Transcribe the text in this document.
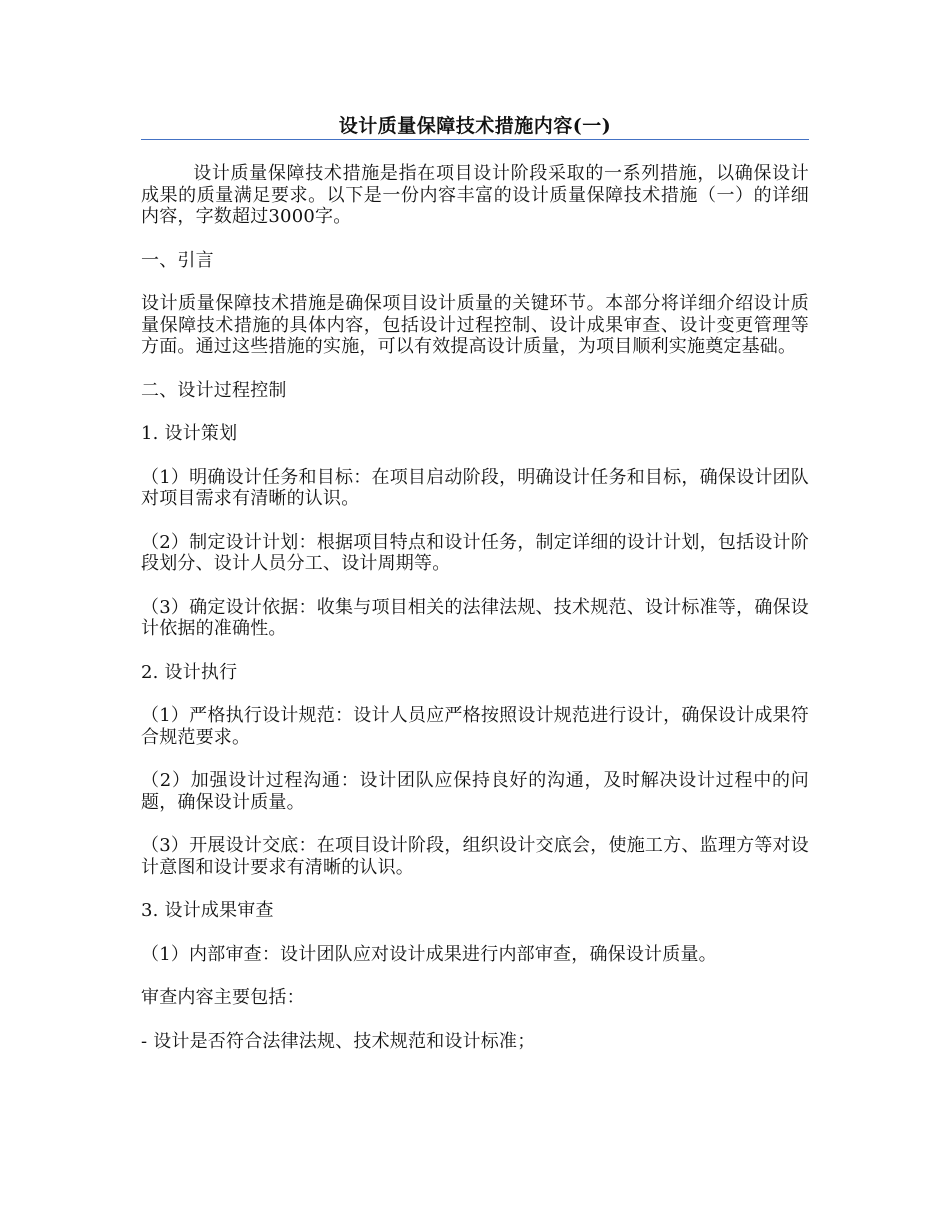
设计质量保障技术措施内容(一)

设计质量保障技术措施是指在项目设计阶段采取的一系列措施，以确保设计成果的质量满足要求。以下是一份内容丰富的设计质量保障技术措施（一）的详细内容，字数超过3000字。

一、引言

设计质量保障技术措施是确保项目设计质量的关键环节。本部分将详细介绍设计质量保障技术措施的具体内容，包括设计过程控制、设计成果审查、设计变更管理等方面。通过这些措施的实施，可以有效提高设计质量，为项目顺利实施奠定基础。

二、设计过程控制

1. 设计策划

（1）明确设计任务和目标：在项目启动阶段，明确设计任务和目标，确保设计团队对项目需求有清晰的认识。

（2）制定设计计划：根据项目特点和设计任务，制定详细的设计计划，包括设计阶段划分、设计人员分工、设计周期等。

（3）确定设计依据：收集与项目相关的法律法规、技术规范、设计标准等，确保设计依据的准确性。

2. 设计执行

（1）严格执行设计规范：设计人员应严格按照设计规范进行设计，确保设计成果符合规范要求。

（2）加强设计过程沟通：设计团队应保持良好的沟通，及时解决设计过程中的问题，确保设计质量。

（3）开展设计交底：在项目设计阶段，组织设计交底会，使施工方、监理方等对设计意图和设计要求有清晰的认识。

3. 设计成果审查

（1）内部审查：设计团队应对设计成果进行内部审查，确保设计质量。

审查内容主要包括：

- 设计是否符合法律法规、技术规范和设计标准；
